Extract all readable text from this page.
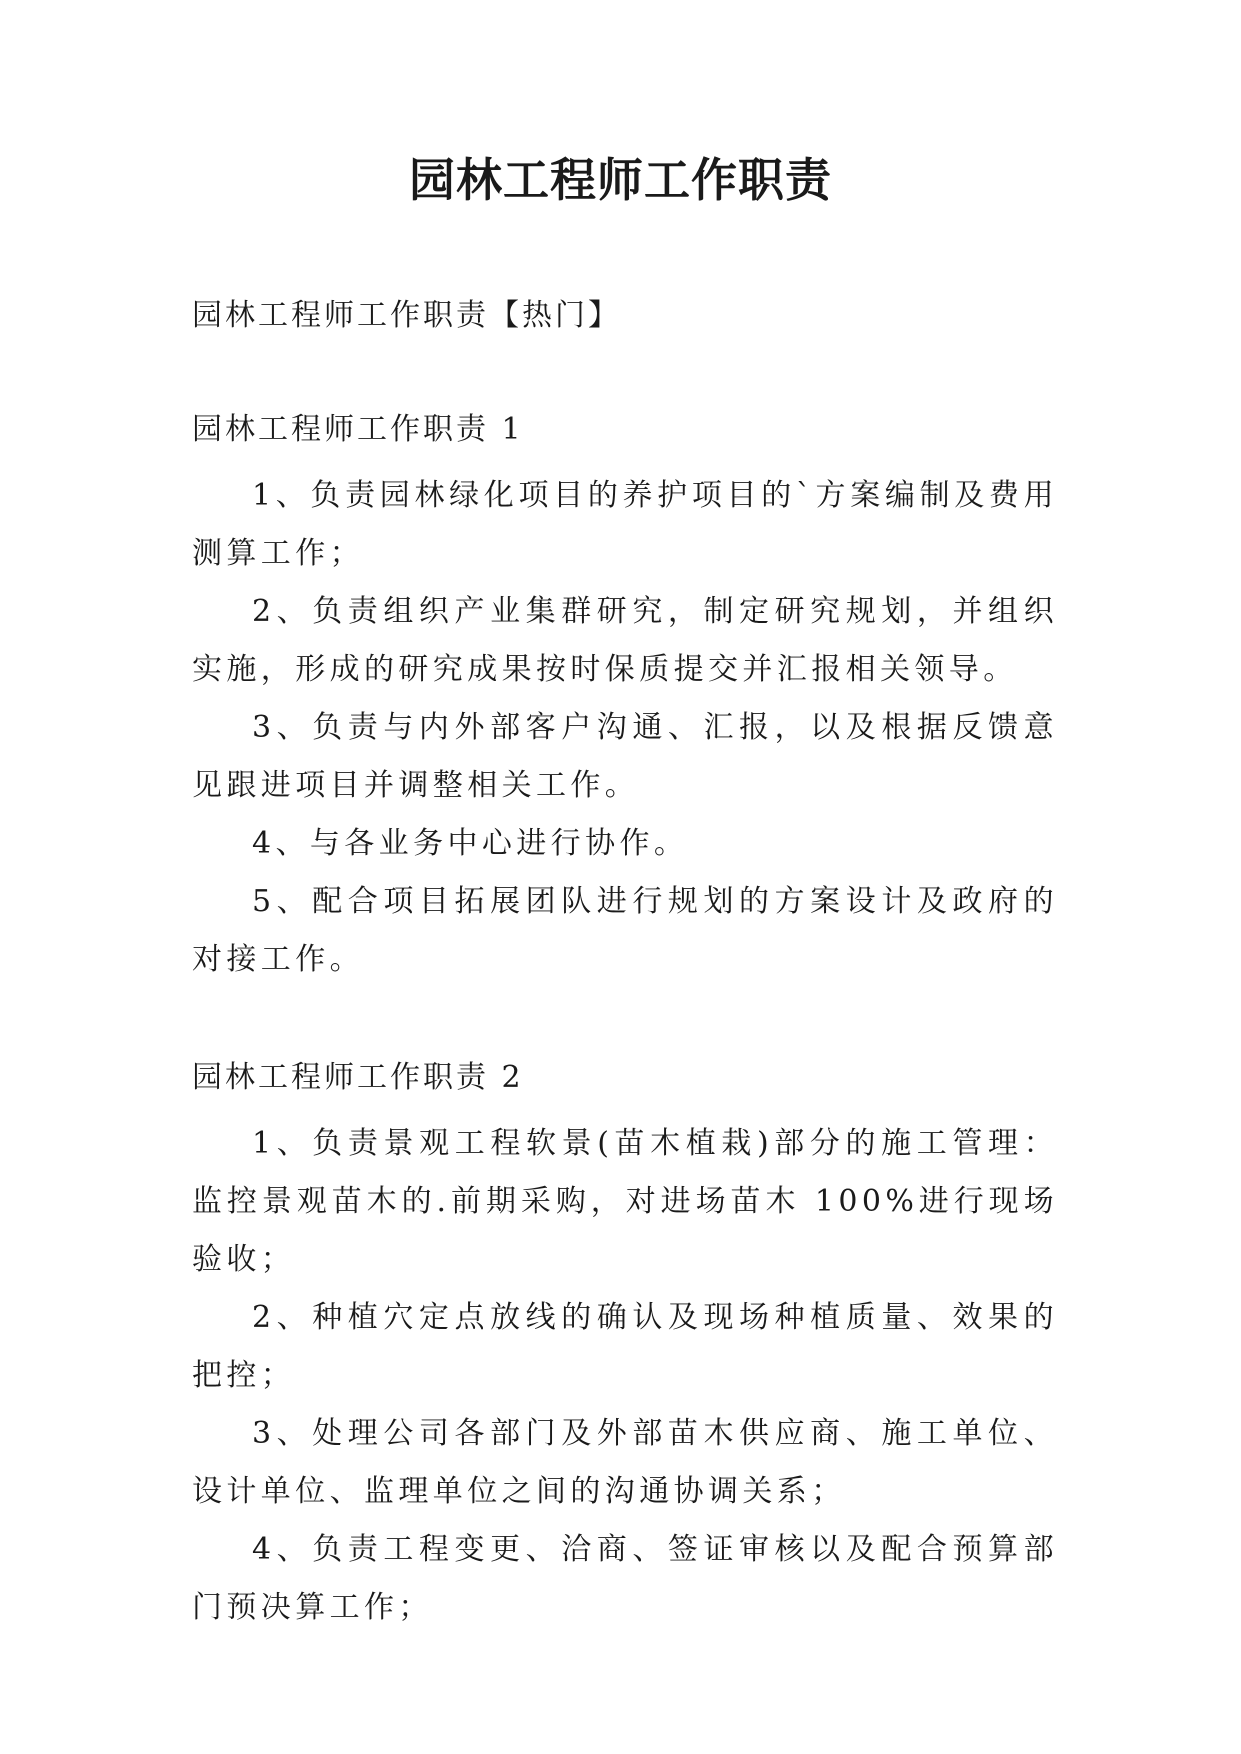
园林工程师工作职责
园林工程师工作职责【热门】
园林工程师工作职责 1

1、负责园林绿化项目的养护项目的`方案编制及费用测算工作；

2、负责组织产业集群研究，制定研究规划，并组织实施，形成的研究成果按时保质提交并汇报相关领导。

3、负责与内外部客户沟通、汇报，以及根据反馈意见跟进项目并调整相关工作。

4、与各业务中心进行协作。

5、配合项目拓展团队进行规划的方案设计及政府的对接工作。

园林工程师工作职责 2

1、负责景观工程软景(苗木植栽)部分的施工管理：监控景观苗木的.前期采购，对进场苗木 100%进行现场验收；

2、种植穴定点放线的确认及现场种植质量、效果的把控；

3、处理公司各部门及外部苗木供应商、施工单位、设计单位、监理单位之间的沟通协调关系；

4、负责工程变更、洽商、签证审核以及配合预算部门预决算工作；
